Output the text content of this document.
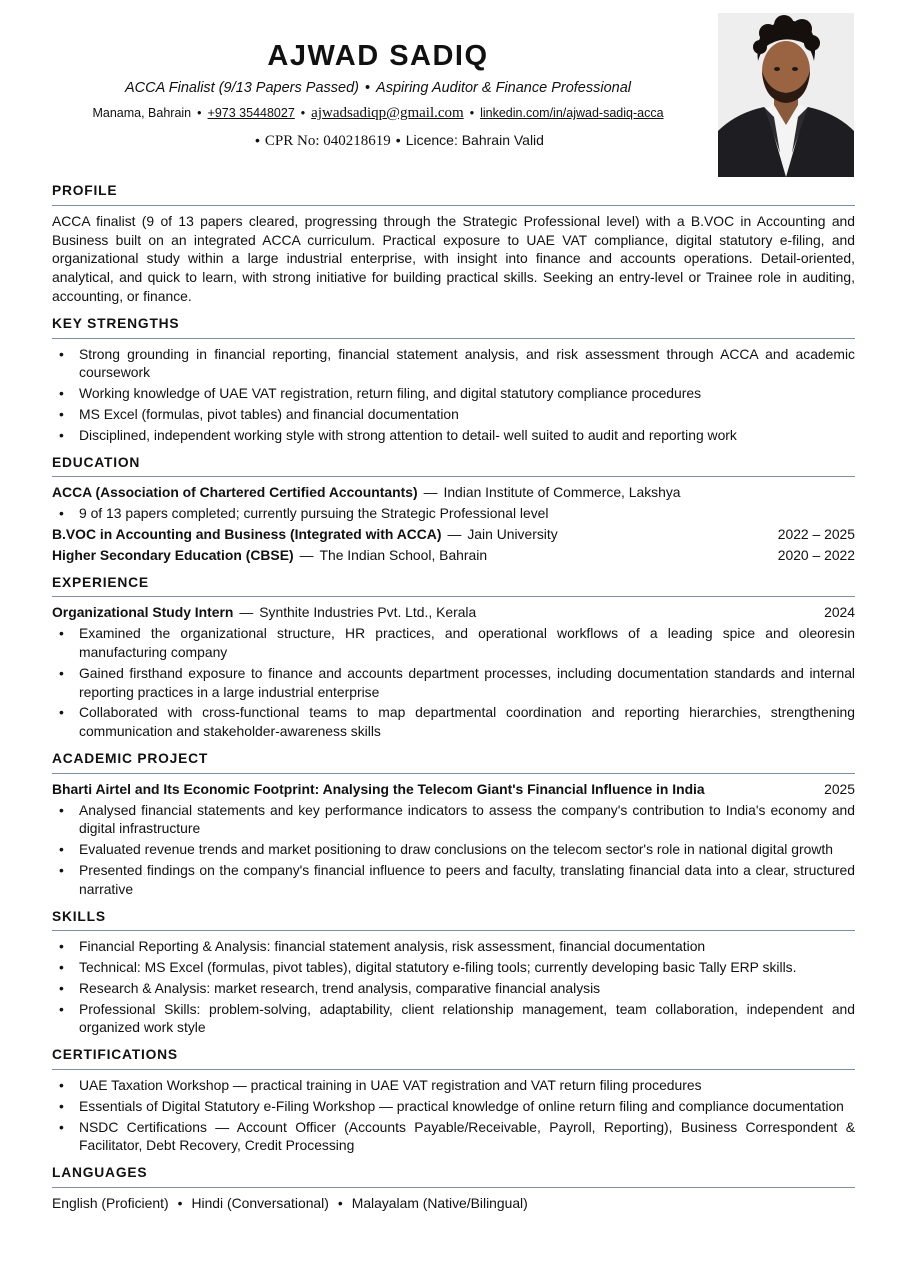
AJWAD SADIQ
ACCA Finalist (9/13 Papers Passed) • Aspiring Auditor & Finance Professional
Manama, Bahrain • +973 35448027 • ajwadsadiqp@gmail.com • linkedin.com/in/ajwad-sadiq-acca
• CPR No: 040218619 • Licence: Bahrain Valid
PROFILE
ACCA finalist (9 of 13 papers cleared, progressing through the Strategic Professional level) with a B.VOC in Accounting and Business built on an integrated ACCA curriculum. Practical exposure to UAE VAT compliance, digital statutory e-filing, and organizational study within a large industrial enterprise, with insight into finance and accounts operations. Detail-oriented, analytical, and quick to learn, with strong initiative for building practical skills. Seeking an entry-level or Trainee role in auditing, accounting, or finance.
KEY STRENGTHS
• Strong grounding in financial reporting, financial statement analysis, and risk assessment through ACCA and academic coursework
• Working knowledge of UAE VAT registration, return filing, and digital statutory compliance procedures
• MS Excel (formulas, pivot tables) and financial documentation
• Disciplined, independent working style with strong attention to detail- well suited to audit and reporting work
EDUCATION
ACCA (Association of Chartered Certified Accountants) — Indian Institute of Commerce, Lakshya
• 9 of 13 papers completed; currently pursuing the Strategic Professional level
B.VOC in Accounting and Business (Integrated with ACCA) — Jain University	2022 – 2025
Higher Secondary Education (CBSE) — The Indian School, Bahrain	2020 – 2022
EXPERIENCE
Organizational Study Intern — Synthite Industries Pvt. Ltd., Kerala	2024
• Examined the organizational structure, HR practices, and operational workflows of a leading spice and oleoresin manufacturing company
• Gained firsthand exposure to finance and accounts department processes, including documentation standards and internal reporting practices in a large industrial enterprise
• Collaborated with cross-functional teams to map departmental coordination and reporting hierarchies, strengthening communication and stakeholder-awareness skills
ACADEMIC PROJECT
Bharti Airtel and Its Economic Footprint: Analysing the Telecom Giant's Financial Influence in India	2025
• Analysed financial statements and key performance indicators to assess the company's contribution to India's economy and digital infrastructure
• Evaluated revenue trends and market positioning to draw conclusions on the telecom sector's role in national digital growth
• Presented findings on the company's financial influence to peers and faculty, translating financial data into a clear, structured narrative
SKILLS
• Financial Reporting & Analysis: financial statement analysis, risk assessment, financial documentation
• Technical: MS Excel (formulas, pivot tables), digital statutory e-filing tools; currently developing basic Tally ERP skills.
• Research & Analysis: market research, trend analysis, comparative financial analysis
• Professional Skills: problem-solving, adaptability, client relationship management, team collaboration, independent and organized work style
CERTIFICATIONS
• UAE Taxation Workshop — practical training in UAE VAT registration and VAT return filing procedures
• Essentials of Digital Statutory e-Filing Workshop — practical knowledge of online return filing and compliance documentation
• NSDC Certifications — Account Officer (Accounts Payable/Receivable, Payroll, Reporting), Business Correspondent & Facilitator, Debt Recovery, Credit Processing
LANGUAGES
English (Proficient) • Hindi (Conversational) • Malayalam (Native/Bilingual)
